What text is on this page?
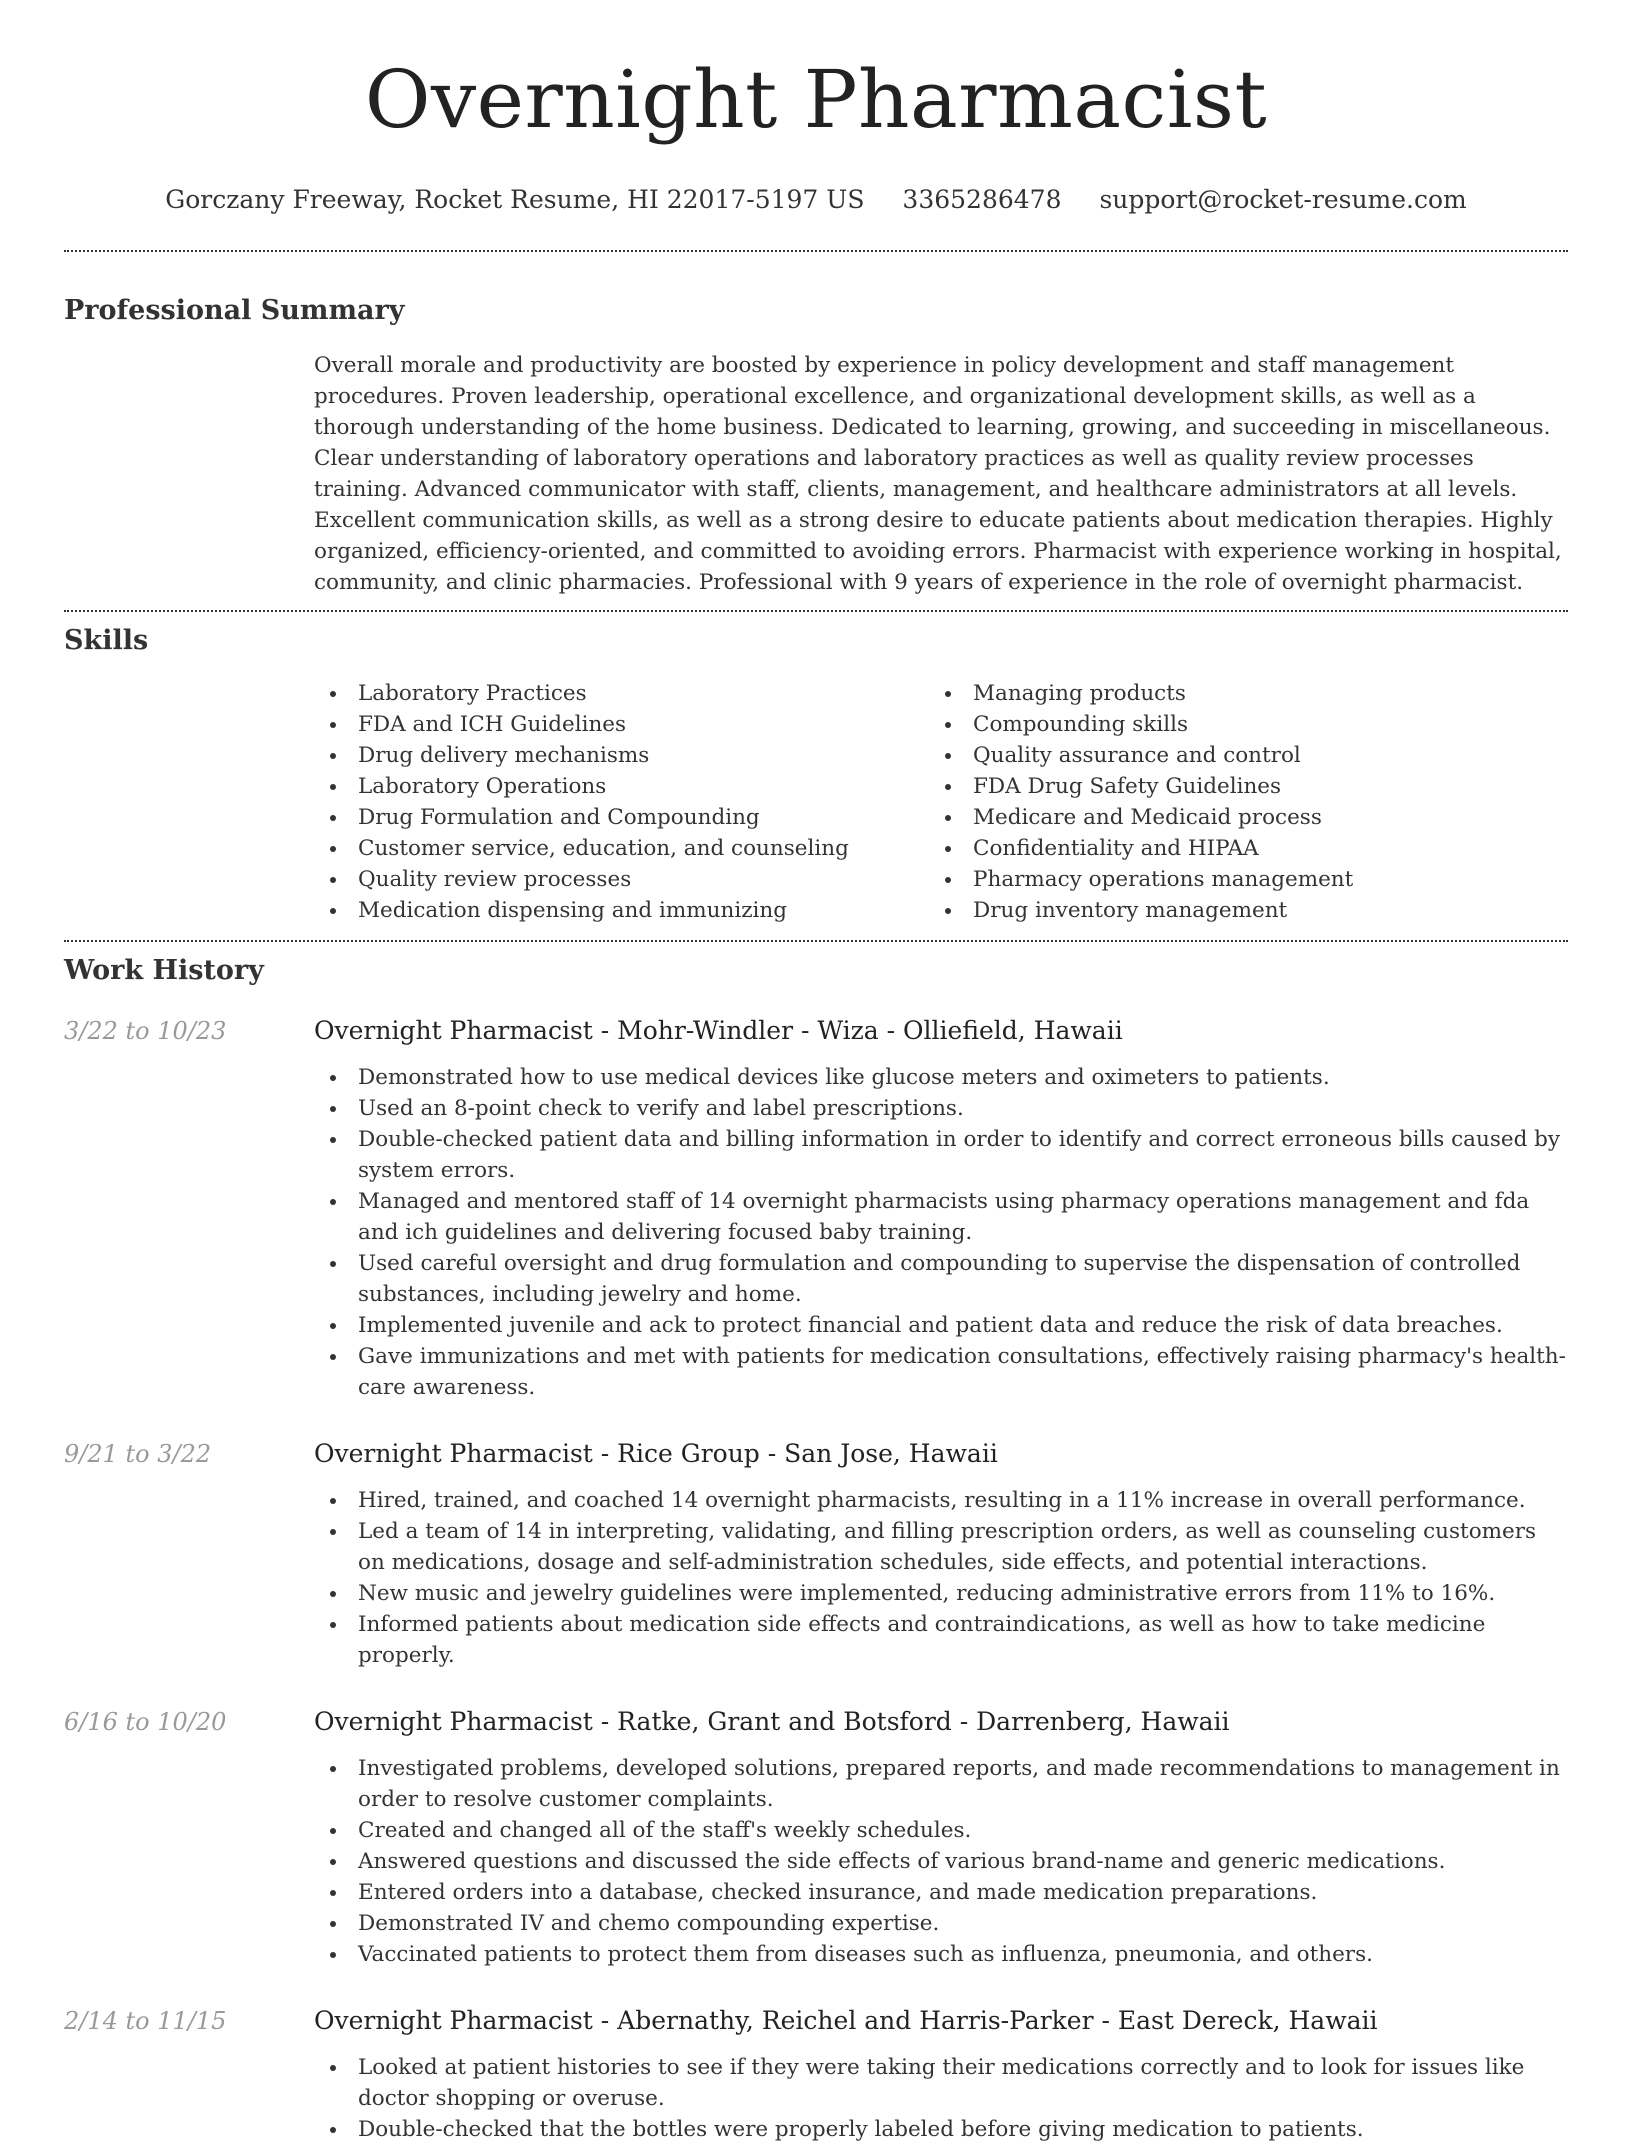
Overnight Pharmacist
Gorczany Freeway, Rocket Resume, HI 22017-5197 US 3365286478 support@rocket-resume.com
Professional Summary

Overall morale and productivity are boosted by experience in policy development and staff management procedures. Proven leadership, operational excellence, and organizational development skills, as well as a thorough understanding of the home business. Dedicated to learning, growing, and succeeding in miscellaneous. Clear understanding of laboratory operations and laboratory practices as well as quality review processes training. Advanced communicator with staff, clients, management, and healthcare administrators at all levels. Excellent communication skills, as well as a strong desire to educate patients about medication therapies. Highly organized, efficiency-oriented, and committed to avoiding errors. Pharmacist with experience working in hospital, community, and clinic pharmacies. Professional with 9 years of experience in the role of overnight pharmacist.

Skills
Laboratory Practices
FDA and ICH Guidelines
Drug delivery mechanisms
Laboratory Operations
Drug Formulation and Compounding
Customer service, education, and counseling
Quality review processes
Medication dispensing and immunizing
Managing products
Compounding skills
Quality assurance and control
FDA Drug Safety Guidelines
Medicare and Medicaid process
Confidentiality and HIPAA
Pharmacy operations management
Drug inventory management
Work History
3/22 to 10/23	Overnight Pharmacist - Mohr-Windler - Wiza - Olliefield, Hawaii
Demonstrated how to use medical devices like glucose meters and oximeters to patients.
Used an 8-point check to verify and label prescriptions.
Double-checked patient data and billing information in order to identify and correct erroneous bills caused by system errors.
Managed and mentored staff of 14 overnight pharmacists using pharmacy operations management and fda and ich guidelines and delivering focused baby training.
Used careful oversight and drug formulation and compounding to supervise the dispensation of controlled substances, including jewelry and home.
Implemented juvenile and ack to protect financial and patient data and reduce the risk of data breaches.
Gave immunizations and met with patients for medication consultations, effectively raising pharmacy's health-care awareness.
9/21 to 3/22	Overnight Pharmacist - Rice Group - San Jose, Hawaii
Hired, trained, and coached 14 overnight pharmacists, resulting in a 11% increase in overall performance.
Led a team of 14 in interpreting, validating, and filling prescription orders, as well as counseling customers on medications, dosage and self-administration schedules, side effects, and potential interactions.
New music and jewelry guidelines were implemented, reducing administrative errors from 11% to 16%.
Informed patients about medication side effects and contraindications, as well as how to take medicine properly.
6/16 to 10/20	Overnight Pharmacist - Ratke, Grant and Botsford - Darrenberg, Hawaii
Investigated problems, developed solutions, prepared reports, and made recommendations to management in order to resolve customer complaints.
Created and changed all of the staff's weekly schedules.
Answered questions and discussed the side effects of various brand-name and generic medications.
Entered orders into a database, checked insurance, and made medication preparations.
Demonstrated IV and chemo compounding expertise.
Vaccinated patients to protect them from diseases such as influenza, pneumonia, and others.
2/14 to 11/15	Overnight Pharmacist - Abernathy, Reichel and Harris-Parker - East Dereck, Hawaii
Looked at patient histories to see if they were taking their medications correctly and to look for issues like doctor shopping or overuse.
Double-checked that the bottles were properly labeled before giving medication to patients.
